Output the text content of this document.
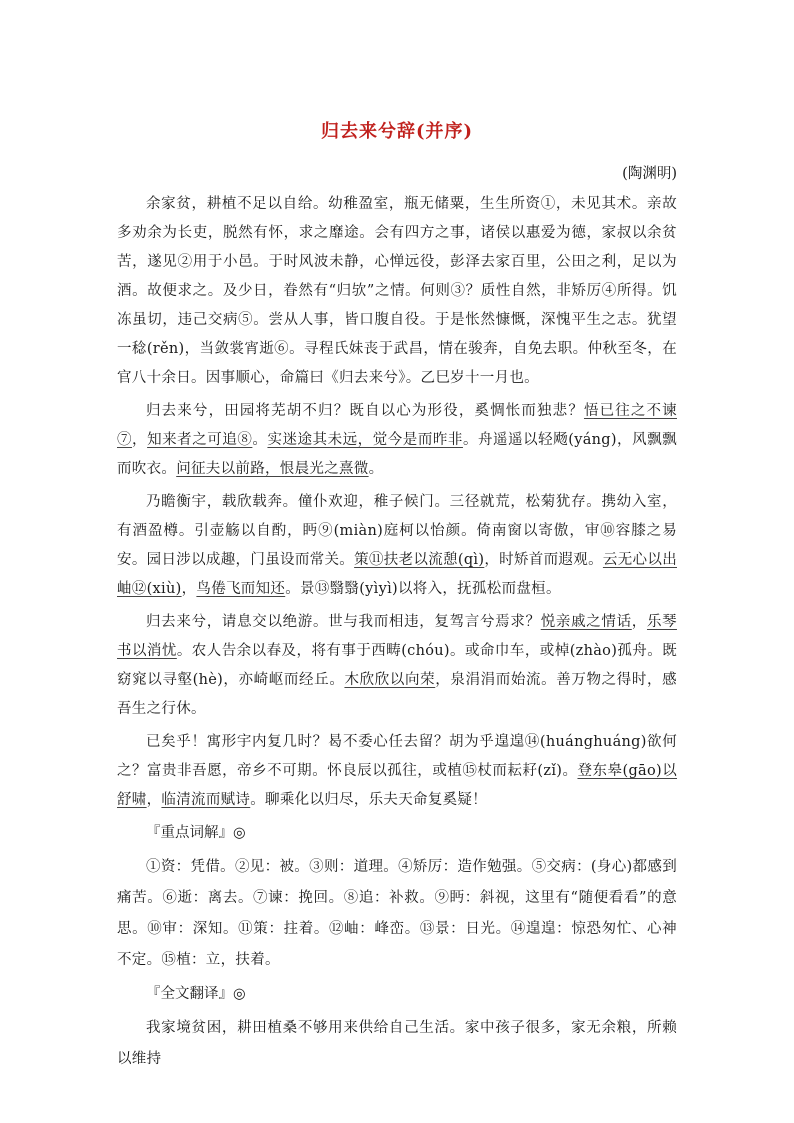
归去来兮辞(并序)
(陶渊明)

余家贫，耕植不足以自给。幼稚盈室，瓶无储粟，生生所资①，未见其术。亲故多劝余为长吏，脱然有怀，求之靡途。会有四方之事，诸侯以惠爱为德，家叔以余贫苦，遂见②用于小邑。于时风波未静，心惮远役，彭泽去家百里，公田之利，足以为酒。故便求之。及少日，眷然有“归欤”之情。何则③？质性自然，非矫厉④所得。饥冻虽切，违己交病⑤。尝从人事，皆口腹自役。于是怅然慷慨，深愧平生之志。犹望一稔(rěn)，当敛裳宵逝⑥。寻程氏妹丧于武昌，情在骏奔，自免去职。仲秋至冬，在官八十余日。因事顺心，命篇曰《归去来兮》。乙巳岁十一月也。

归去来兮，田园将芜胡不归？既自以心为形役，奚惆怅而独悲？悟已往之不谏⑦，知来者之可追⑧。实迷途其未远，觉今是而昨非。舟遥遥以轻飏(yáng)，风飘飘而吹衣。问征夫以前路，恨晨光之熹微。

乃瞻衡宇，载欣载奔。僮仆欢迎，稚子候门。三径就荒，松菊犹存。携幼入室，有酒盈樽。引壶觞以自酌，眄⑨(miàn)庭柯以怡颜。倚南窗以寄傲，审⑩容膝之易安。园日涉以成趣，门虽设而常关。策⑪扶老以流憩(qì)，时矫首而遐观。云无心以出岫⑫(xiù)，鸟倦飞而知还。景⑬翳翳(yìyì)以将入，抚孤松而盘桓。

归去来兮，请息交以绝游。世与我而相违，复驾言兮焉求？悦亲戚之情话，乐琴书以消忧。农人告余以春及，将有事于西畴(chóu)。或命巾车，或棹(zhào)孤舟。既窈窕以寻壑(hè)，亦崎岖而经丘。木欣欣以向荣，泉涓涓而始流。善万物之得时，感吾生之行休。

已矣乎！寓形宇内复几时？曷不委心任去留？胡为乎遑遑⑭(huánghuáng)欲何之？富贵非吾愿，帝乡不可期。怀良辰以孤往，或植⑮杖而耘耔(zǐ)。登东皋(gāo)以舒啸，临清流而赋诗。聊乘化以归尽，乐夫天命复奚疑！

『重点词解』◎

①资：凭借。②见：被。③则：道理。④矫厉：造作勉强。⑤交病：(身心)都感到痛苦。⑥逝：离去。⑦谏：挽回。⑧追：补救。⑨眄：斜视，这里有“随便看看”的意思。⑩审：深知。⑪策：拄着。⑫岫：峰峦。⑬景：日光。⑭遑遑：惊恐匆忙、心神不定。⑮植：立，扶着。

『全文翻译』◎

我家境贫困，耕田植桑不够用来供给自己生活。家中孩子很多，家无余粮，所赖以维持
